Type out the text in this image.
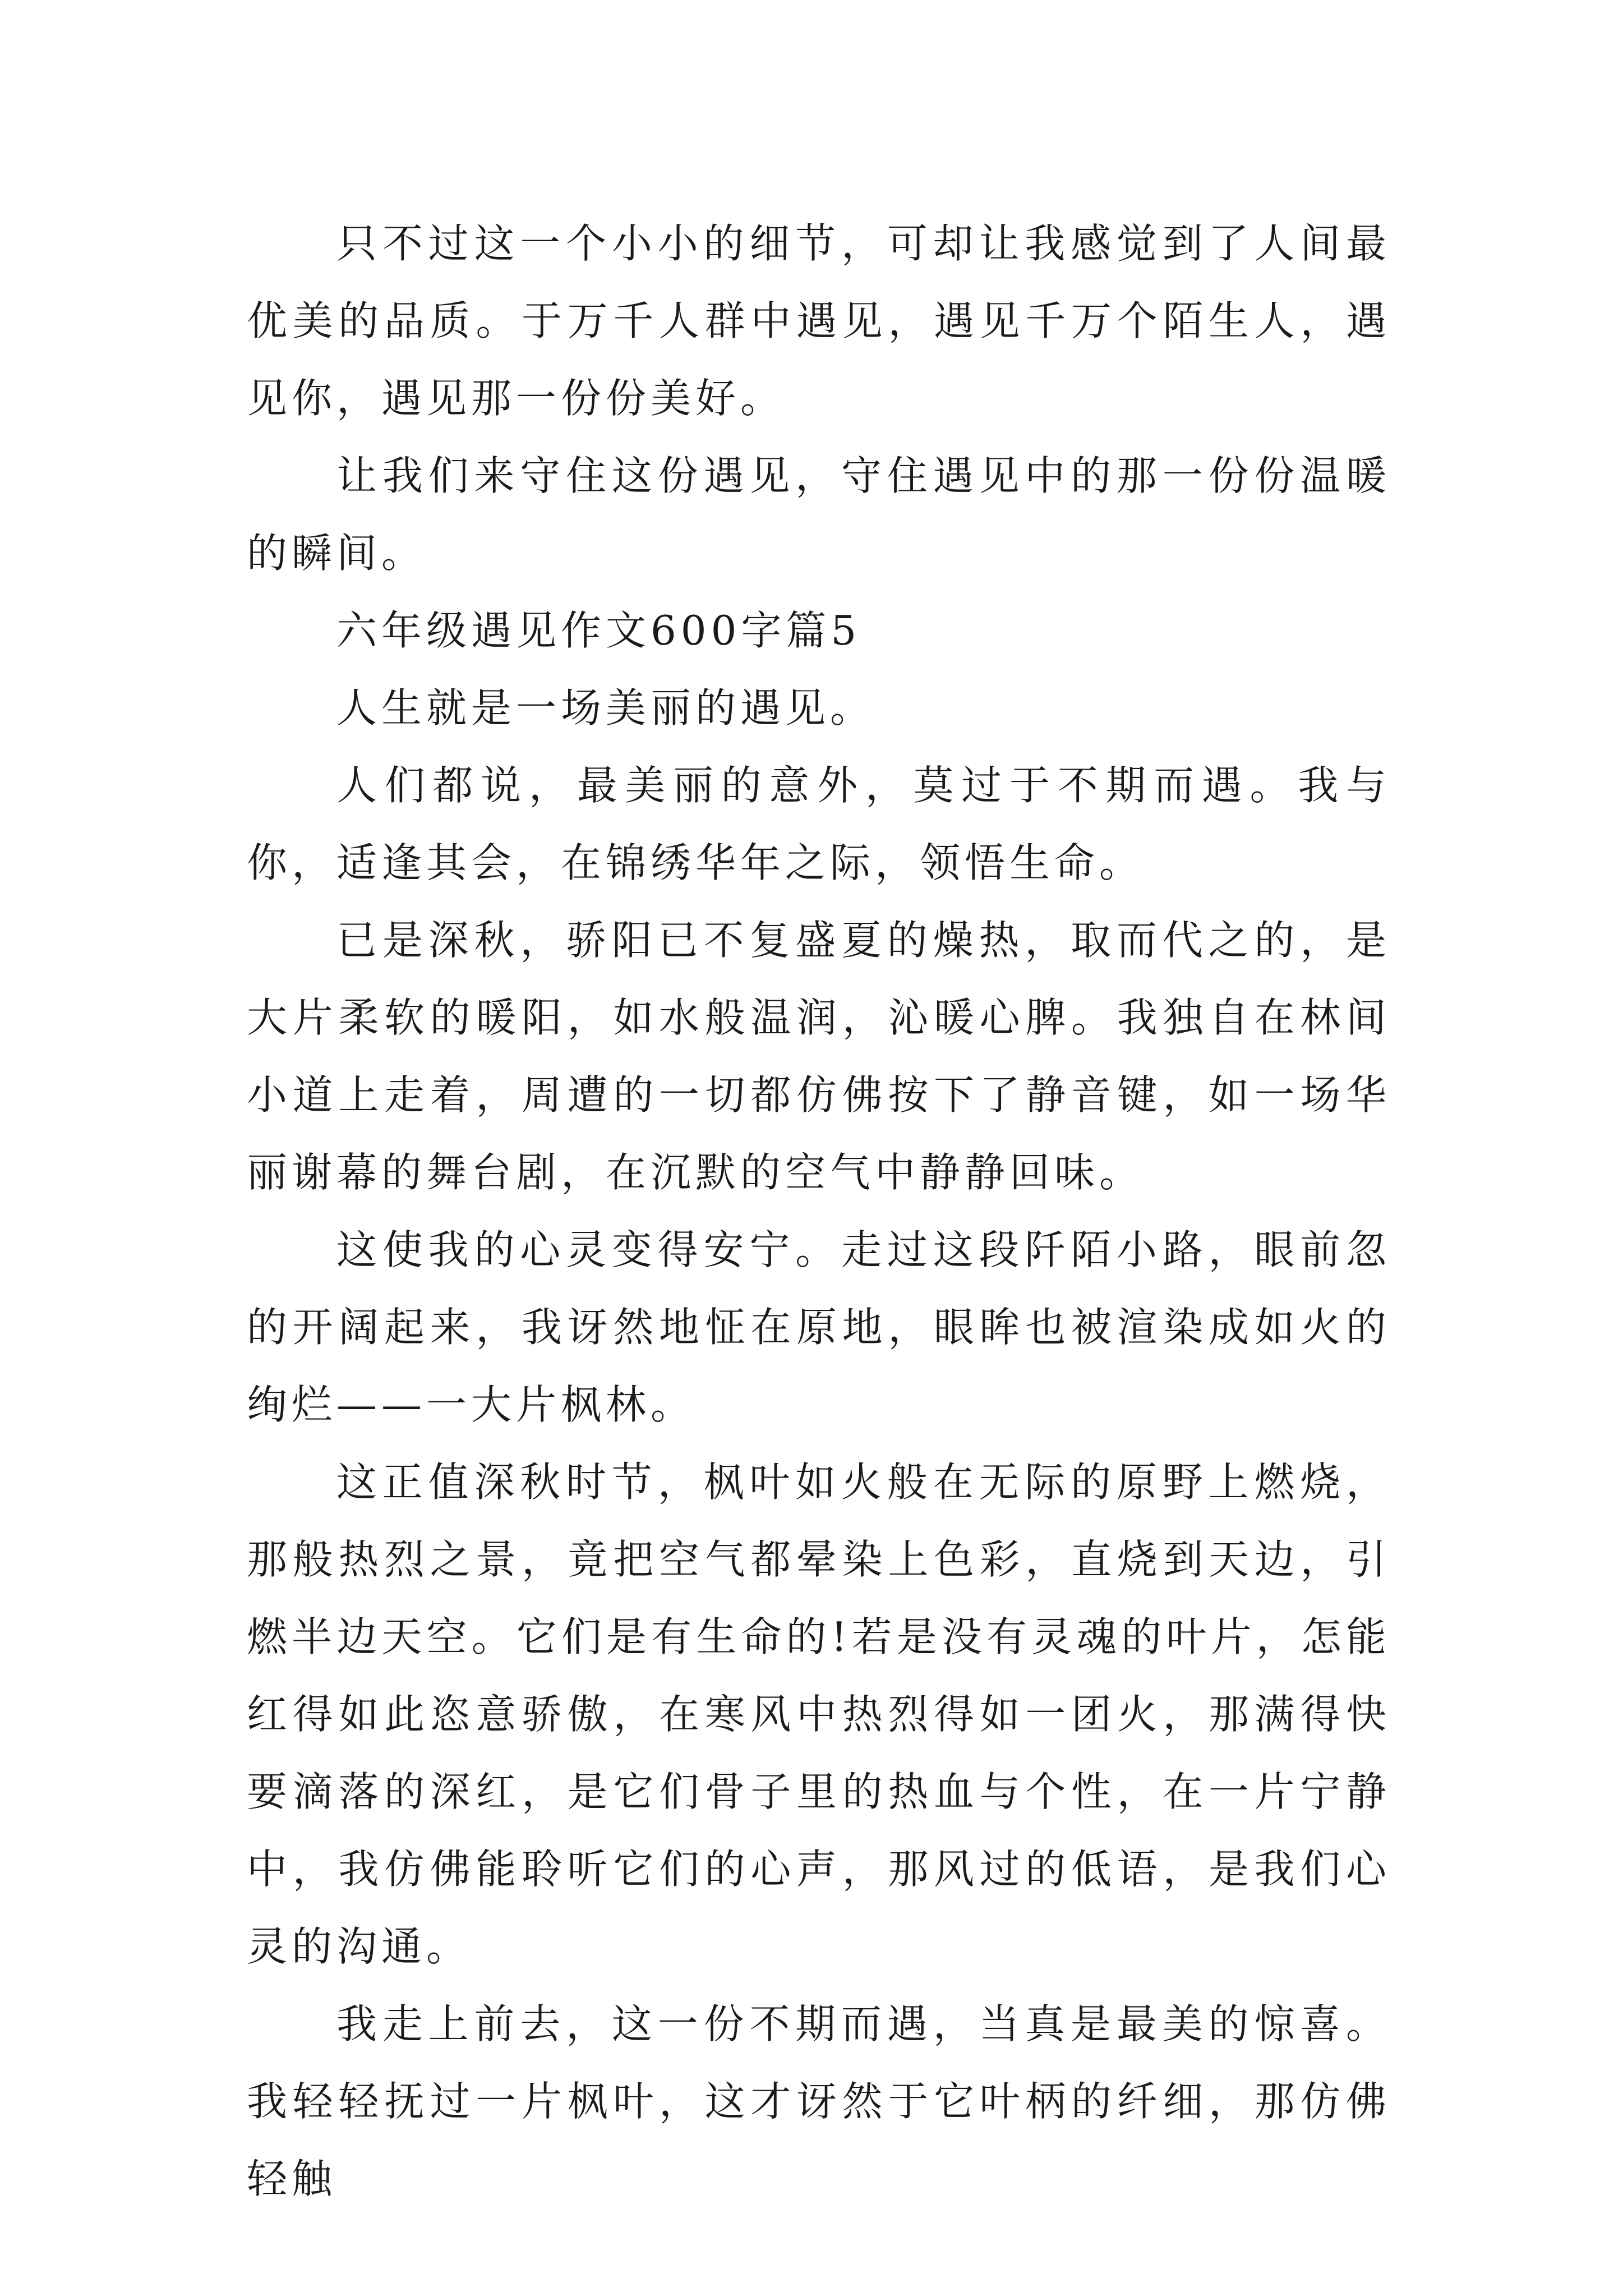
只不过这一个小小的细节，可却让我感觉到了人间最优美的品质。于万千人群中遇见，遇见千万个陌生人，遇见你，遇见那一份份美好。

让我们来守住这份遇见，守住遇见中的那一份份温暖的瞬间。

六年级遇见作文600字篇5

人生就是一场美丽的遇见。

人们都说，最美丽的意外，莫过于不期而遇。我与你，适逢其会，在锦绣华年之际，领悟生命。

已是深秋，骄阳已不复盛夏的燥热，取而代之的，是大片柔软的暖阳，如水般温润，沁暖心脾。我独自在林间小道上走着，周遭的一切都仿佛按下了静音键，如一场华丽谢幕的舞台剧，在沉默的空气中静静回味。

这使我的心灵变得安宁。走过这段阡陌小路，眼前忽的开阔起来，我讶然地怔在原地，眼眸也被渲染成如火的绚烂——一大片枫林。

这正值深秋时节，枫叶如火般在无际的原野上燃烧，那般热烈之景，竟把空气都晕染上色彩，直烧到天边，引燃半边天空。它们是有生命的!若是没有灵魂的叶片，怎能红得如此恣意骄傲，在寒风中热烈得如一团火，那满得快要滴落的深红，是它们骨子里的热血与个性，在一片宁静中，我仿佛能聆听它们的心声，那风过的低语，是我们心灵的沟通。

我走上前去，这一份不期而遇，当真是最美的惊喜。我轻轻抚过一片枫叶，这才讶然于它叶柄的纤细，那仿佛轻触
